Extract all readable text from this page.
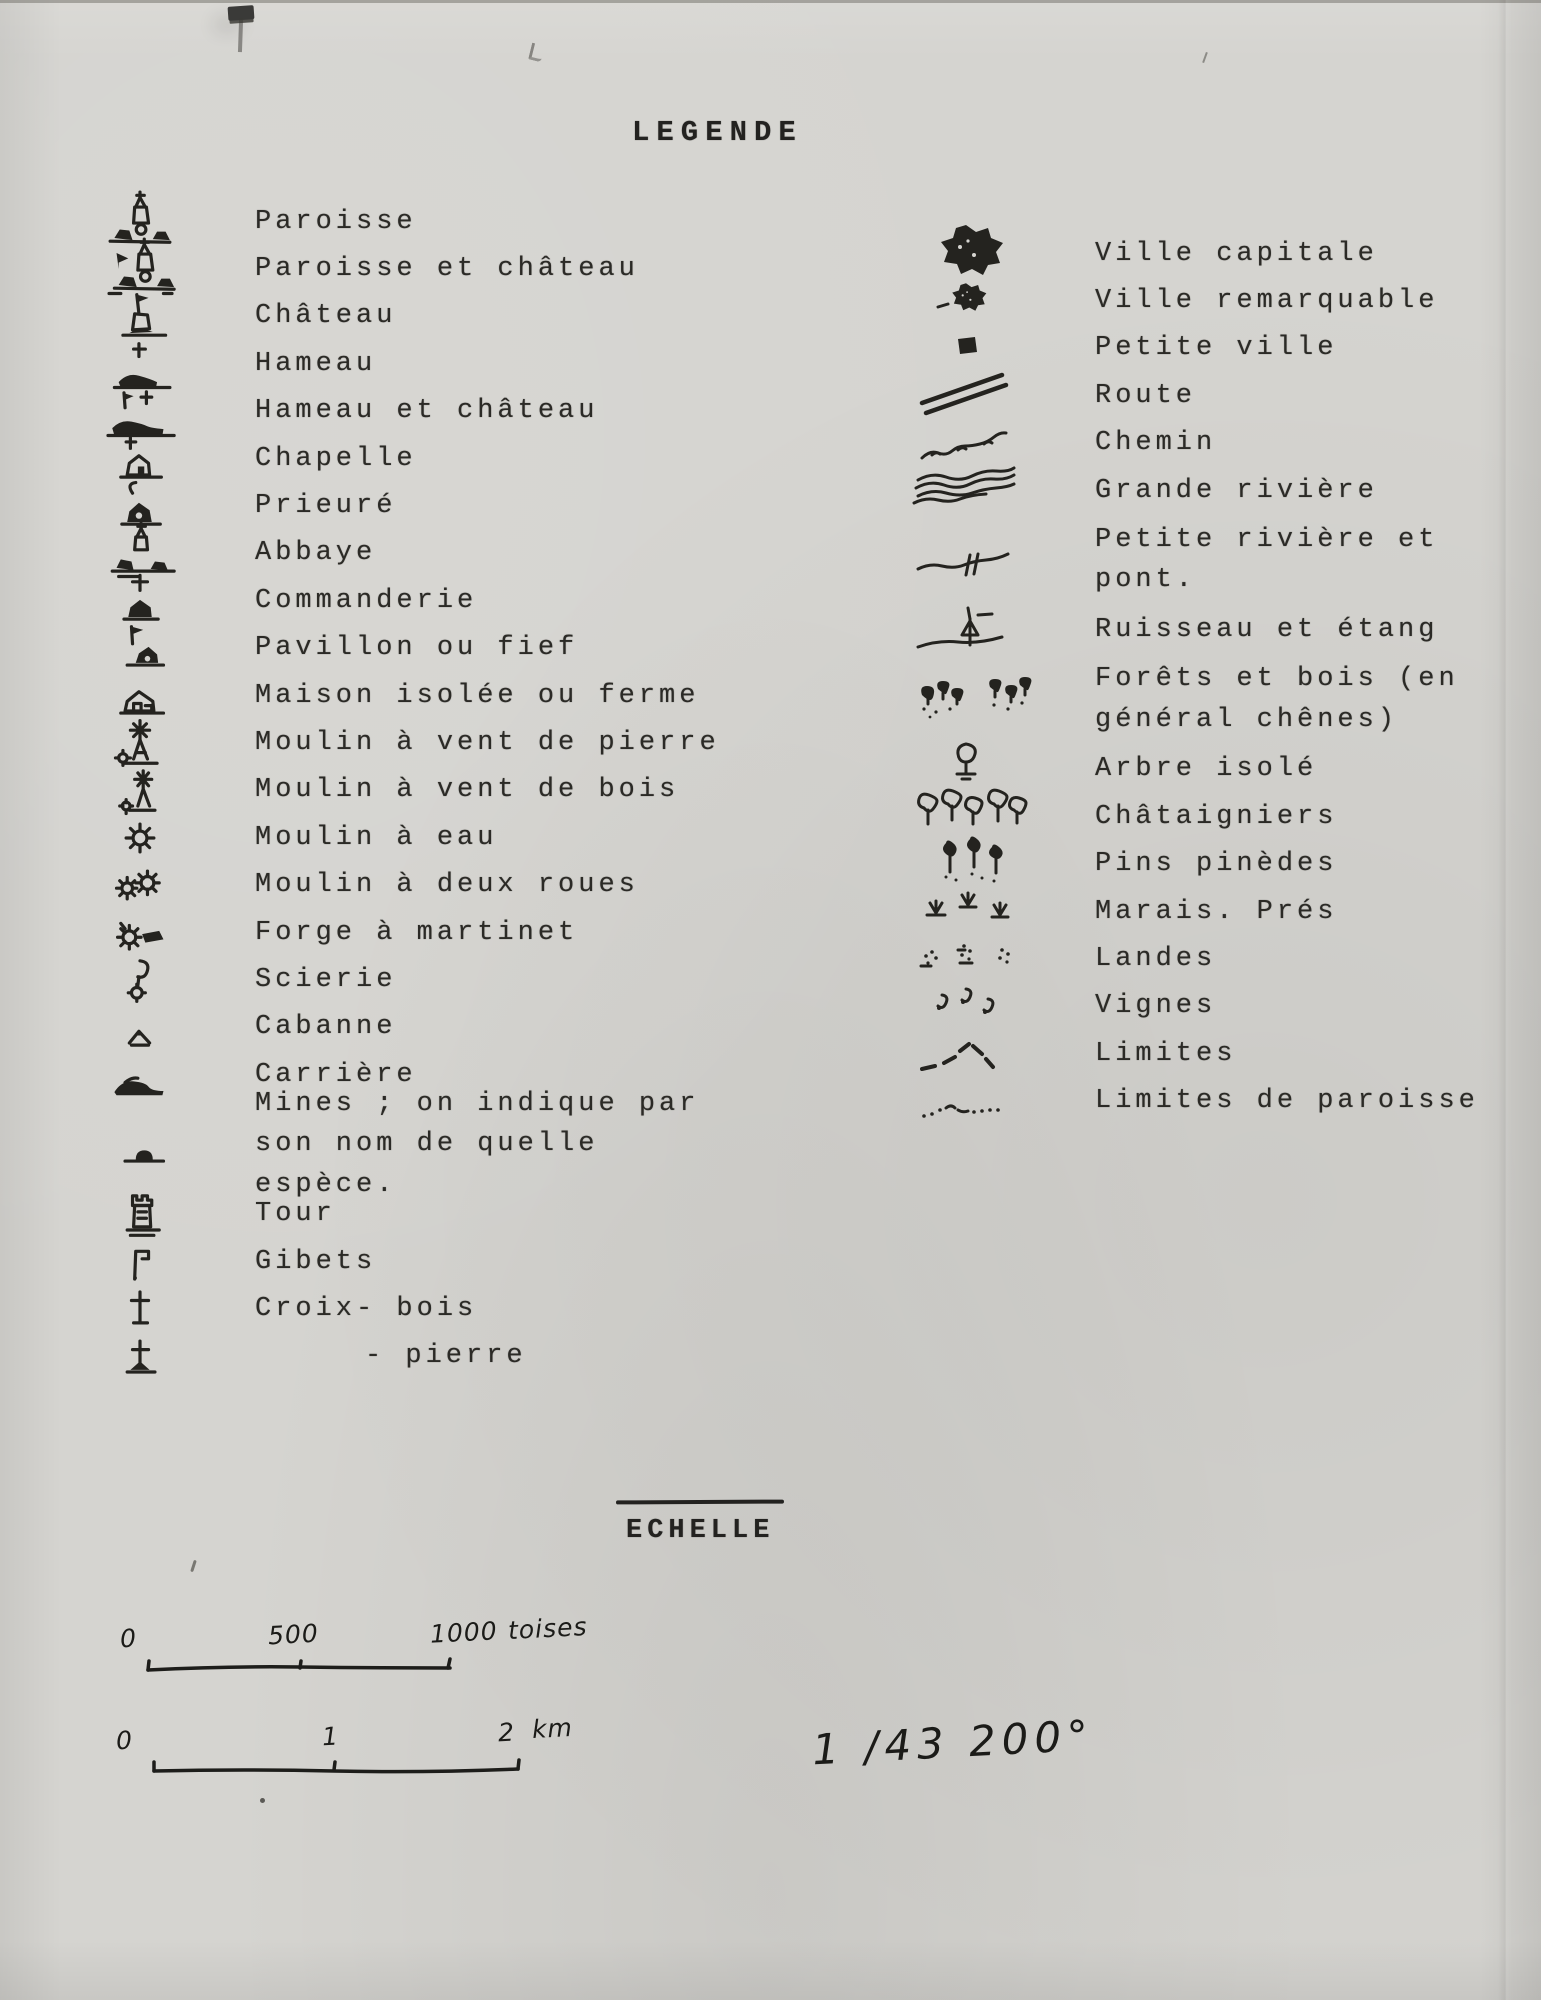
LEGENDE
Paroisse
Paroisse et château
Château
Hameau
Hameau et château
Chapelle
Prieuré
Abbaye
Commanderie
Pavillon ou fief
Maison isolée ou ferme
Moulin à vent de pierre
Moulin à vent de bois
Moulin à eau
Moulin à deux roues
Forge à martinet
Scierie
Cabanne
Carrière
Mines ; on indique par son nom de quelle espèce.
Tour
Gibets
Croix- bois
- pierre
Ville capitale
Ville remarquable
Petite ville
Route
Chemin
Grande rivière
Petite rivière et pont.
Ruisseau et étang
Forêts et bois (en général chênes)
Arbre isolé
Châtaigniers
Pins pinèdes
Marais. Prés
Landes
Vignes
Limites
Limites de paroisse
ECHELLE
0	500	1000 toises
0	1	2 km	1 /43 200°
